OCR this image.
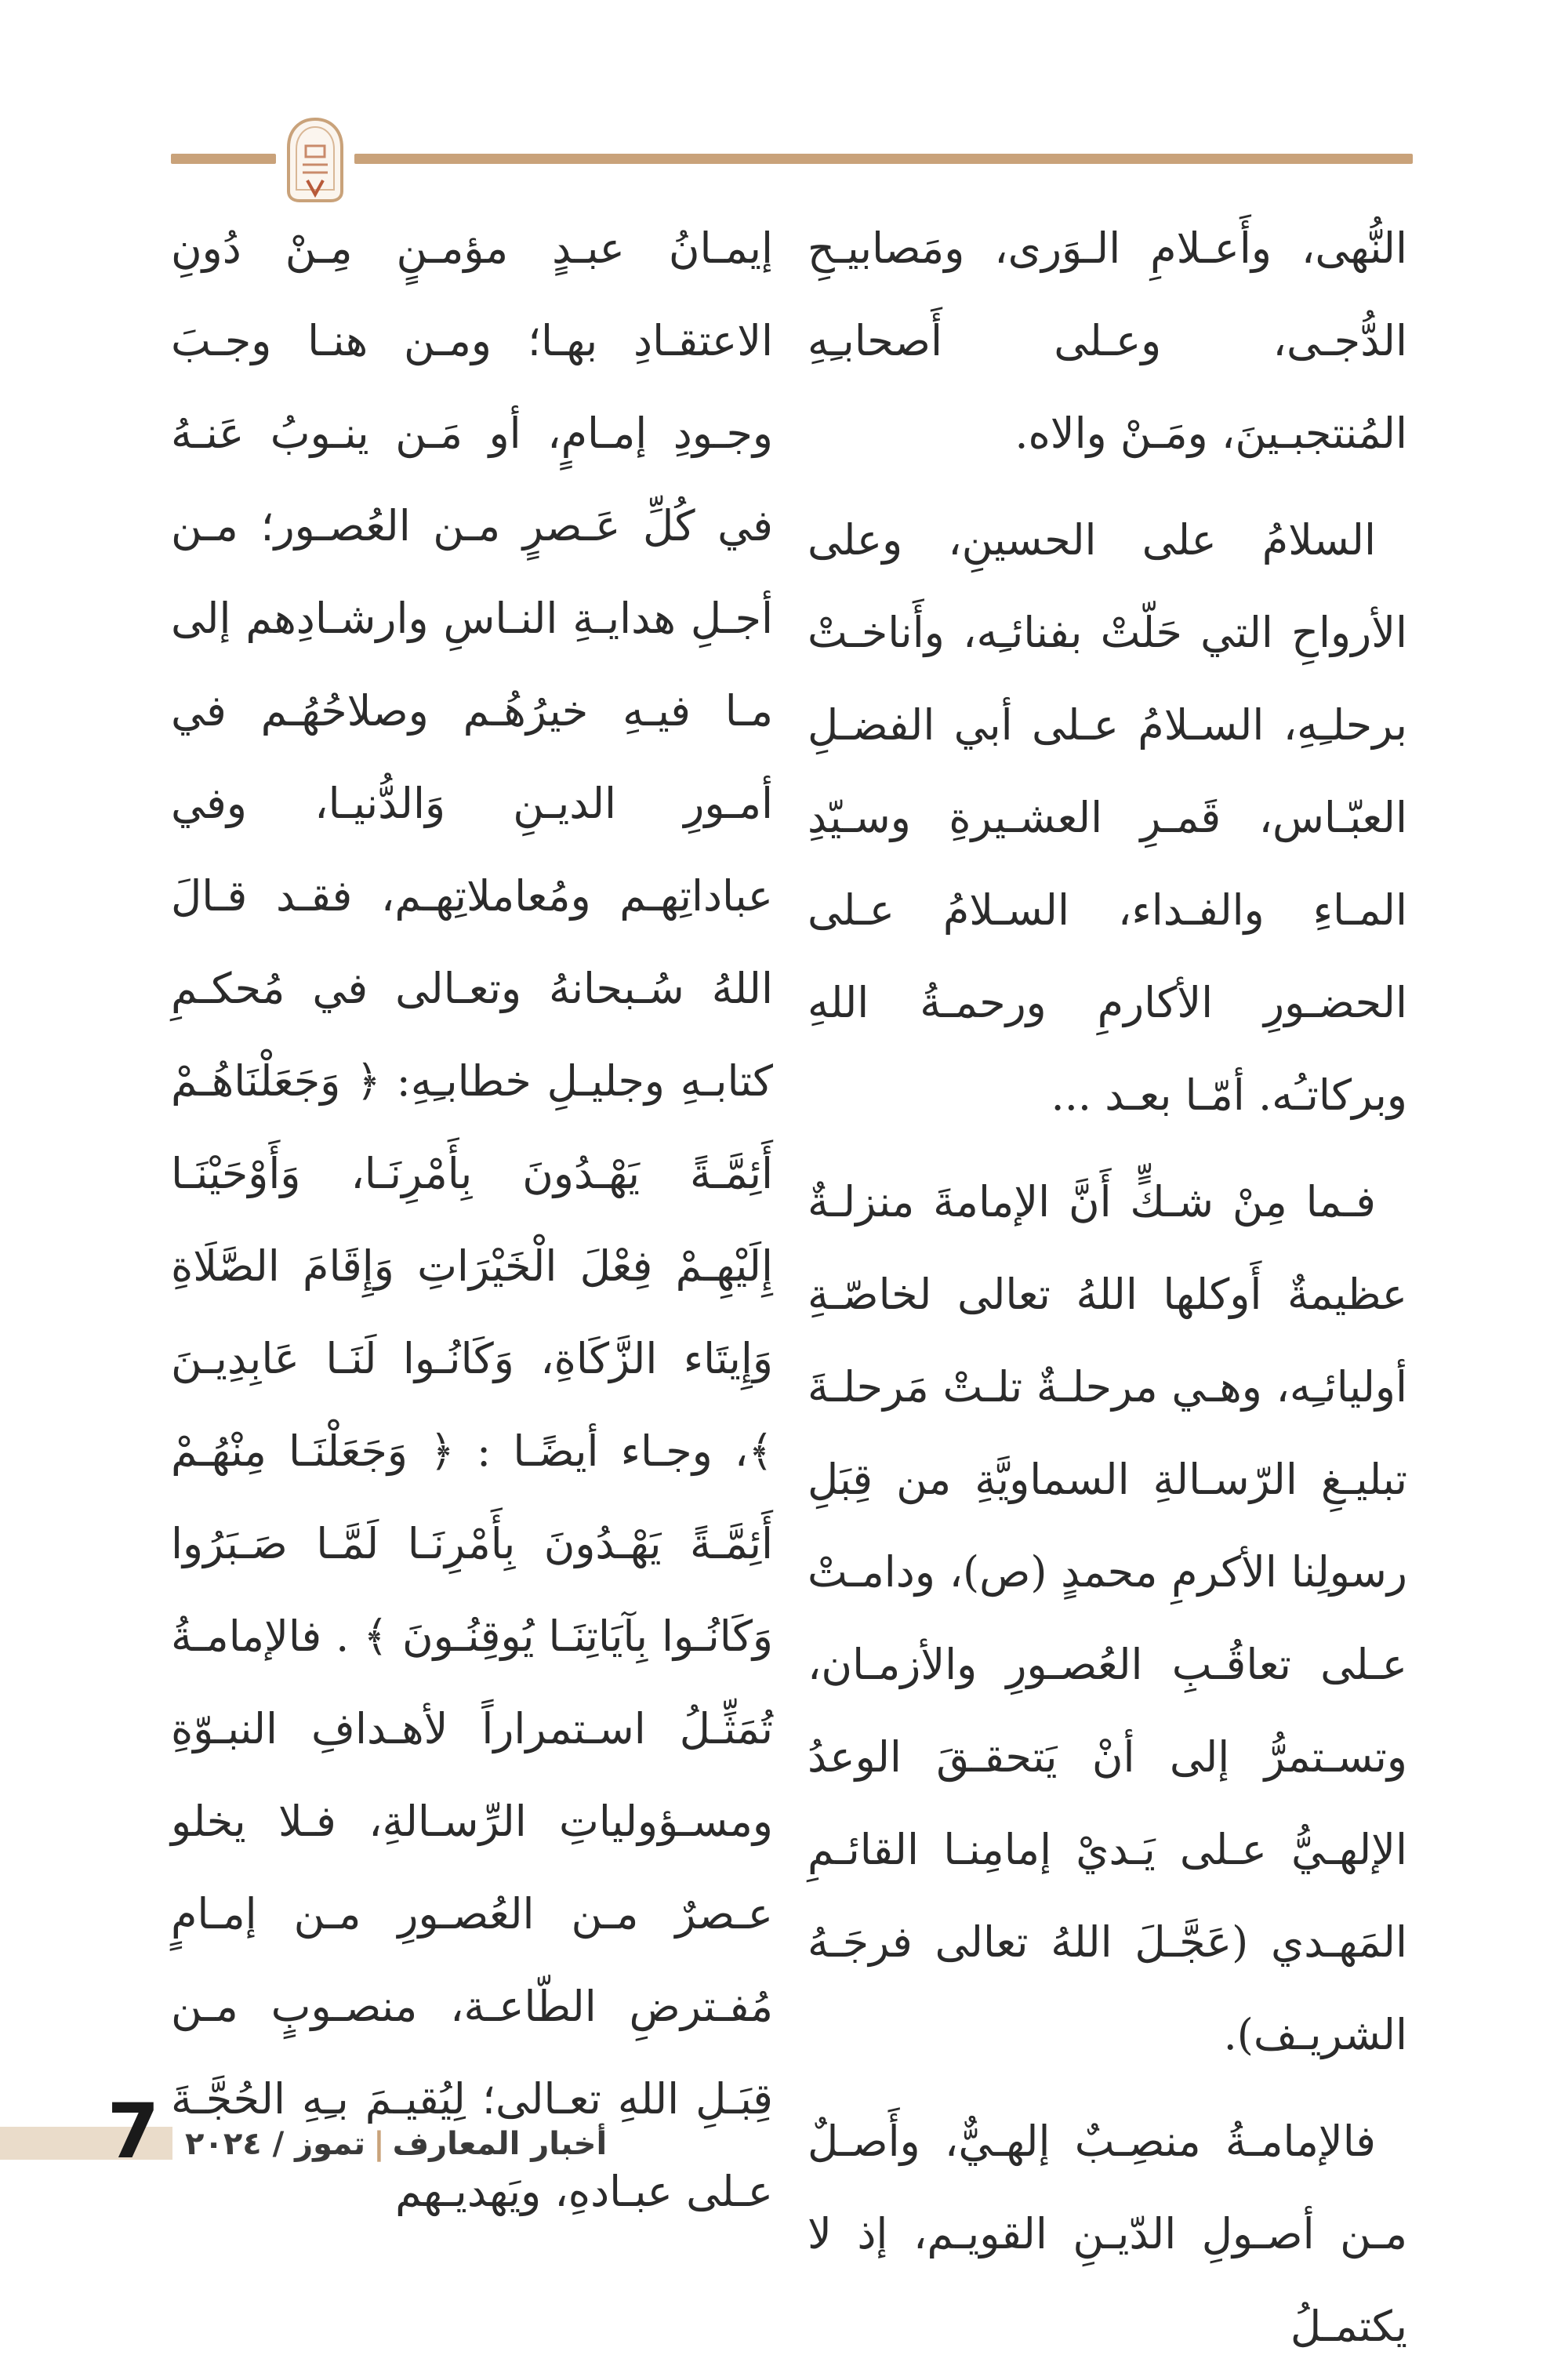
النُّهى، وأَعـلامِ الـوَرى، ومَصابيـحِ الدُّجـى، وعـلى أَصحابـِهِ المُنتجبـينَ، ومَـنْ والاه.

السلامُ على الحسينِ، وعلى الأرواحِ التي حَلّتْ بفنائـِه، وأَناخـتْ برحلـِهِ، السـلامُ عـلى أبي الفضـلِ العبّـاس، قَمـرِ العشـيرةِ وسـيّدِ المـاءِ والفـداء، السـلامُ عـلى الحضـورِ الأكارمِ ورحمـةُ اللهِ وبركاتـُه. أمّـا بعـد ...

فـما مِنْ شـكٍّ أَنَّ الإمامةَ منزلـةٌ عظيمةٌ أَوكلها اللهُ تعالى لخاصّـةِ أوليائـِه، وهـي مرحلـةٌ تلـتْ مَرحلـةَ تبليـغِ الرّسـالةِ السماويَّةِ من قِبَلِ رسولِنا الأكرمِ محمدٍ (ص)، ودامـتْ عـلى تعاقُـبِ العُصـورِ والأزمـان، وتسـتمرُّ إلى أنْ يَتحقـقَ الوعدُ الإلهـيُّ عـلى يَـديْ إمامِنـا القائـمِ المَهـدي (عَجَّـلَ اللهُ تعالى فرجَـهُ الشريـف).

فالإمامـةُ منصِـبٌ إلهـيٌّ، وأَصـلٌ مـن أصـولِ الدّيـنِ القويـم، إذ لا يكتمـلُ

إيمـانُ عبـدٍ مؤمـنٍ مِـنْ دُونِ الاعتقـادِ بهـا؛ ومـن هنـا وجـبَ وجـودِ إمـامٍ، أو مَـن ينـوبُ عَنـهُ في كُلِّ عَـصرٍ مـن العُصـور؛ مـن أجـلِ هدايـةِ النـاسِ وارشـادِهم إلى مـا فيـهِ خيرُهُـم وصلاحُهُـم في أمـورِ الديـنِ وَالدُّنيـا، وفي عباداتِهـم ومُعاملاتِهـم، فقـد قـالَ اللهُ سُـبحانهُ وتعـالى في مُحكـمِ كتابـهِ وجليـلِ خطابـِهِ: ﴿ وَجَعَلْنَاهُـمْ أَئِمَّـةً يَهْـدُونَ بِأَمْرِنَـا، وَأَوْحَيْنَـا إِلَيْهِـمْ فِعْلَ الْخَيْرَاتِ وَإِقَامَ الصَّلَاةِ وَإِيتَاء الزَّكَاةِ، وَكَانُـوا لَنَـا عَابِدِيـنَ ﴾، وجـاء أيضًـا : ﴿ وَجَعَلْنَـا مِنْهُـمْ أَئِمَّـةً يَهْـدُونَ بِأَمْرِنَـا لَمَّـا صَـبَرُوا وَكَانُـوا بِآيَاتِنَـا يُوقِنُـونَ ﴾ . فالإمامـةُ تُمَثِّـلُ اسـتمراراً لأهـدافِ النبـوّةِ ومسـؤولياتِ الرِّسـالةِ، فـلا يخلو عـصرٌ مـن العُصـورِ مـن إمـامٍ مُفـترضِ الطّاعـة، منصـوبٍ مـن قِبَـلِ اللهِ تعـالى؛ لِيُقيـمَ بـِهِ الحُجَّـةَ عـلى عبـادهِ، ويَهديـهم

7	أخبار المعارف|تموز / ٢٠٢٤
